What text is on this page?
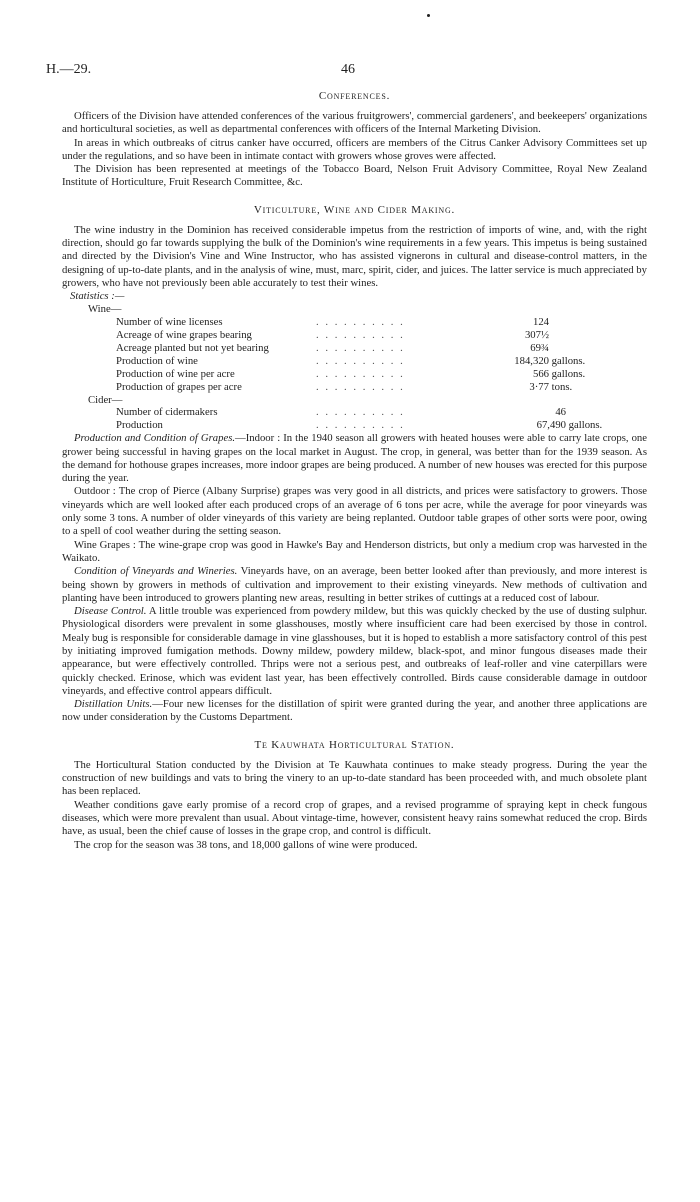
H.—29.	46
Conferences.

Officers of the Division have attended conferences of the various fruitgrowers', commercial gardeners', and beekeepers' organizations and horticultural societies, as well as departmental conferences with officers of the Internal Marketing Division.

In areas in which outbreaks of citrus canker have occurred, officers are members of the Citrus Canker Advisory Committees set up under the regulations, and so have been in intimate contact with growers whose groves were affected.

The Division has been represented at meetings of the Tobacco Board, Nelson Fruit Advisory Committee, Royal New Zealand Institute of Horticulture, Fruit Research Committee, &c.

Viticulture, Wine and Cider Making.

The wine industry in the Dominion has received considerable impetus from the restriction of imports of wine, and, with the right direction, should go far towards supplying the bulk of the Dominion's wine requirements in a few years. This impetus is being sustained and directed by the Division's Vine and Wine Instructor, who has assisted vignerons in cultural and disease-control matters, in the designing of up-to-date plants, and in the analysis of wine, must, marc, spirit, cider, and juices. The latter service is much appreciated by growers, who have not previously been able accurately to test their wines.

Statistics :—
Wine—
Number of wine licenses	. . . . . . . . . .	124
Acreage of wine grapes bearing	. . . . . . . . . .	307½
Acreage planted but not yet bearing	. . . . . . . . . .	69¾
Production of wine	. . . . . . . . . .	184,320 gallons.
Production of wine per acre	. . . . . . . . . .	566 gallons.
Production of grapes per acre	. . . . . . . . . .	3·77 tons.
Cider—
Number of cidermakers	. . . . . . . . . .	46
Production	. . . . . . . . . .	67,490 gallons.

Production and Condition of Grapes.—Indoor : In the 1940 season all growers with heated houses were able to carry late crops, one grower being successful in having grapes on the local market in August. The crop, in general, was better than for the 1939 season. As the demand for hothouse grapes increases, more indoor grapes are being produced. A number of new houses was erected for this purpose during the year.

Outdoor : The crop of Pierce (Albany Surprise) grapes was very good in all districts, and prices were satisfactory to growers. Those vineyards which are well looked after each produced crops of an average of 6 tons per acre, while the average for poor vineyards was only some 3 tons. A number of older vineyards of this variety are being replanted. Outdoor table grapes of other sorts were poor, owing to a spell of cool weather during the setting season.

Wine Grapes : The wine-grape crop was good in Hawke's Bay and Henderson districts, but only a medium crop was harvested in the Waikato.

Condition of Vineyards and Wineries. Vineyards have, on an average, been better looked after than previously, and more interest is being shown by growers in methods of cultivation and improvement to their existing vineyards. New methods of cultivation and planting have been introduced to growers planting new areas, resulting in better strikes of cuttings at a reduced cost of labour.

Disease Control. A little trouble was experienced from powdery mildew, but this was quickly checked by the use of dusting sulphur. Physiological disorders were prevalent in some glasshouses, mostly where insufficient care had been exercised by those in control. Mealy bug is responsible for considerable damage in vine glasshouses, but it is hoped to establish a more satisfactory control of this pest by initiating improved fumigation methods. Downy mildew, powdery mildew, black-spot, and minor fungous diseases made their appearance, but were effectively controlled. Thrips were not a serious pest, and outbreaks of leaf-roller and vine caterpillars were quickly checked. Erinose, which was evident last year, has been effectively controlled. Birds cause considerable damage in outdoor vineyards, and effective control appears difficult.

Distillation Units.—Four new licenses for the distillation of spirit were granted during the year, and another three applications are now under consideration by the Customs Department.

Te Kauwhata Horticultural Station.

The Horticultural Station conducted by the Division at Te Kauwhata continues to make steady progress. During the year the construction of new buildings and vats to bring the vinery to an up-to-date standard has been proceeded with, and much obsolete plant has been replaced.

Weather conditions gave early promise of a record crop of grapes, and a revised programme of spraying kept in check fungous diseases, which were more prevalent than usual. About vintage-time, however, consistent heavy rains somewhat reduced the crop. Birds have, as usual, been the chief cause of losses in the grape crop, and control is difficult.

The crop for the season was 38 tons, and 18,000 gallons of wine were produced.
